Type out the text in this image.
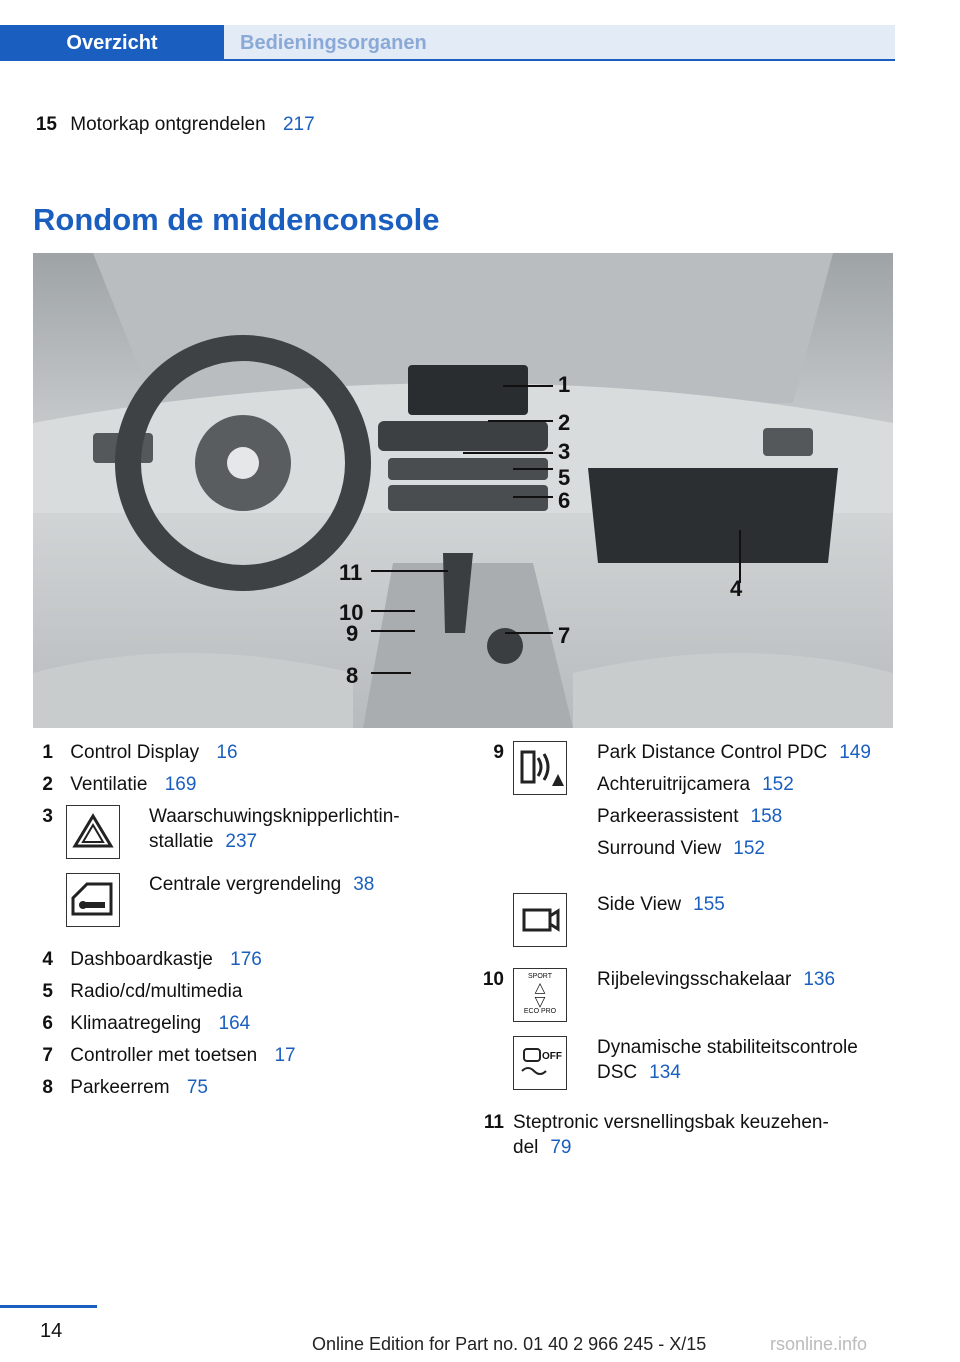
Overzicht	Bedieningsorganen
15 Motorkap ontgrendelen 217
Rondom de middenconsole
1
2
3
5
6
4
11
10
9	7
8
1 Control Display 16
2 Ventilatie 169
3	Waarschuwingsknipperlichtin-
stallatie 237
Centrale vergrendeling 38
4 Dashboardkastje 176
5 Radio/cd/multimedia
6 Klimaatregeling 164
7 Controller met toetsen 17
8 Parkeerrem 75
9	Park Distance Control PDC 149
Achteruitrijcamera 152
Parkeerassistent 158
Surround View 152
Side View 155
10	SPORT
△
▽
ECO PRO
Rijbelevingsschakelaar 136
OFF Dynamische stabiliteitscontrole
DSC 134
11 Steptronic versnellingsbak keuzehen-
del 79
14
Online Edition for Part no. 01 40 2 966 245 - X/15	rsonline.info
